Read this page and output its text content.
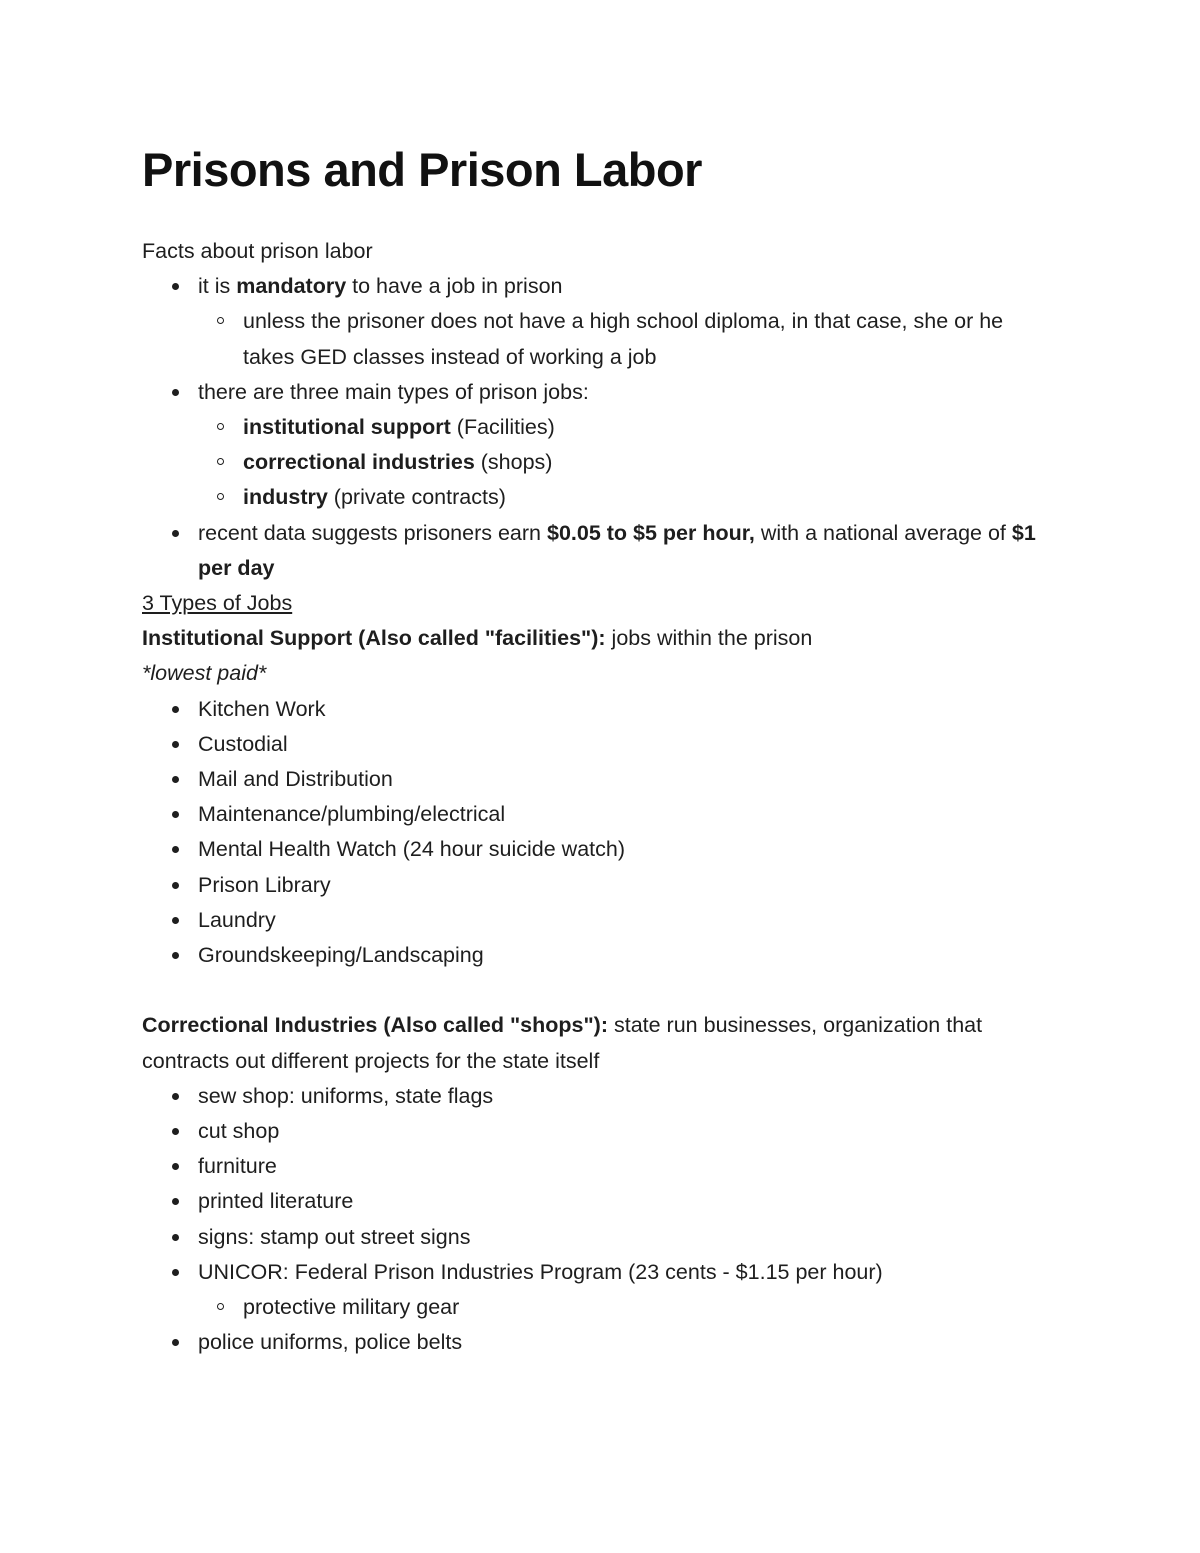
Prisons and Prison Labor

Facts about prison labor

it is mandatory to have a job in prison
unless the prisoner does not have a high school diploma, in that case, she or he takes GED classes instead of working a job
there are three main types of prison jobs:
institutional support (Facilities)
correctional industries (shops)
industry (private contracts)
recent data suggests prisoners earn $0.05 to $5 per hour, with a national average of $1 per day

3 Types of Jobs

Institutional Support (Also called "facilities"): jobs within the prison

*lowest paid*

Kitchen Work
Custodial
Mail and Distribution
Maintenance/plumbing/electrical
Mental Health Watch (24 hour suicide watch)
Prison Library
Laundry
Groundskeeping/Landscaping

Correctional Industries (Also called "shops"): state run businesses, organization that contracts out different projects for the state itself

sew shop: uniforms, state flags
cut shop
furniture
printed literature
signs: stamp out street signs
UNICOR: Federal Prison Industries Program (23 cents - $1.15 per hour)
protective military gear
police uniforms, police belts
